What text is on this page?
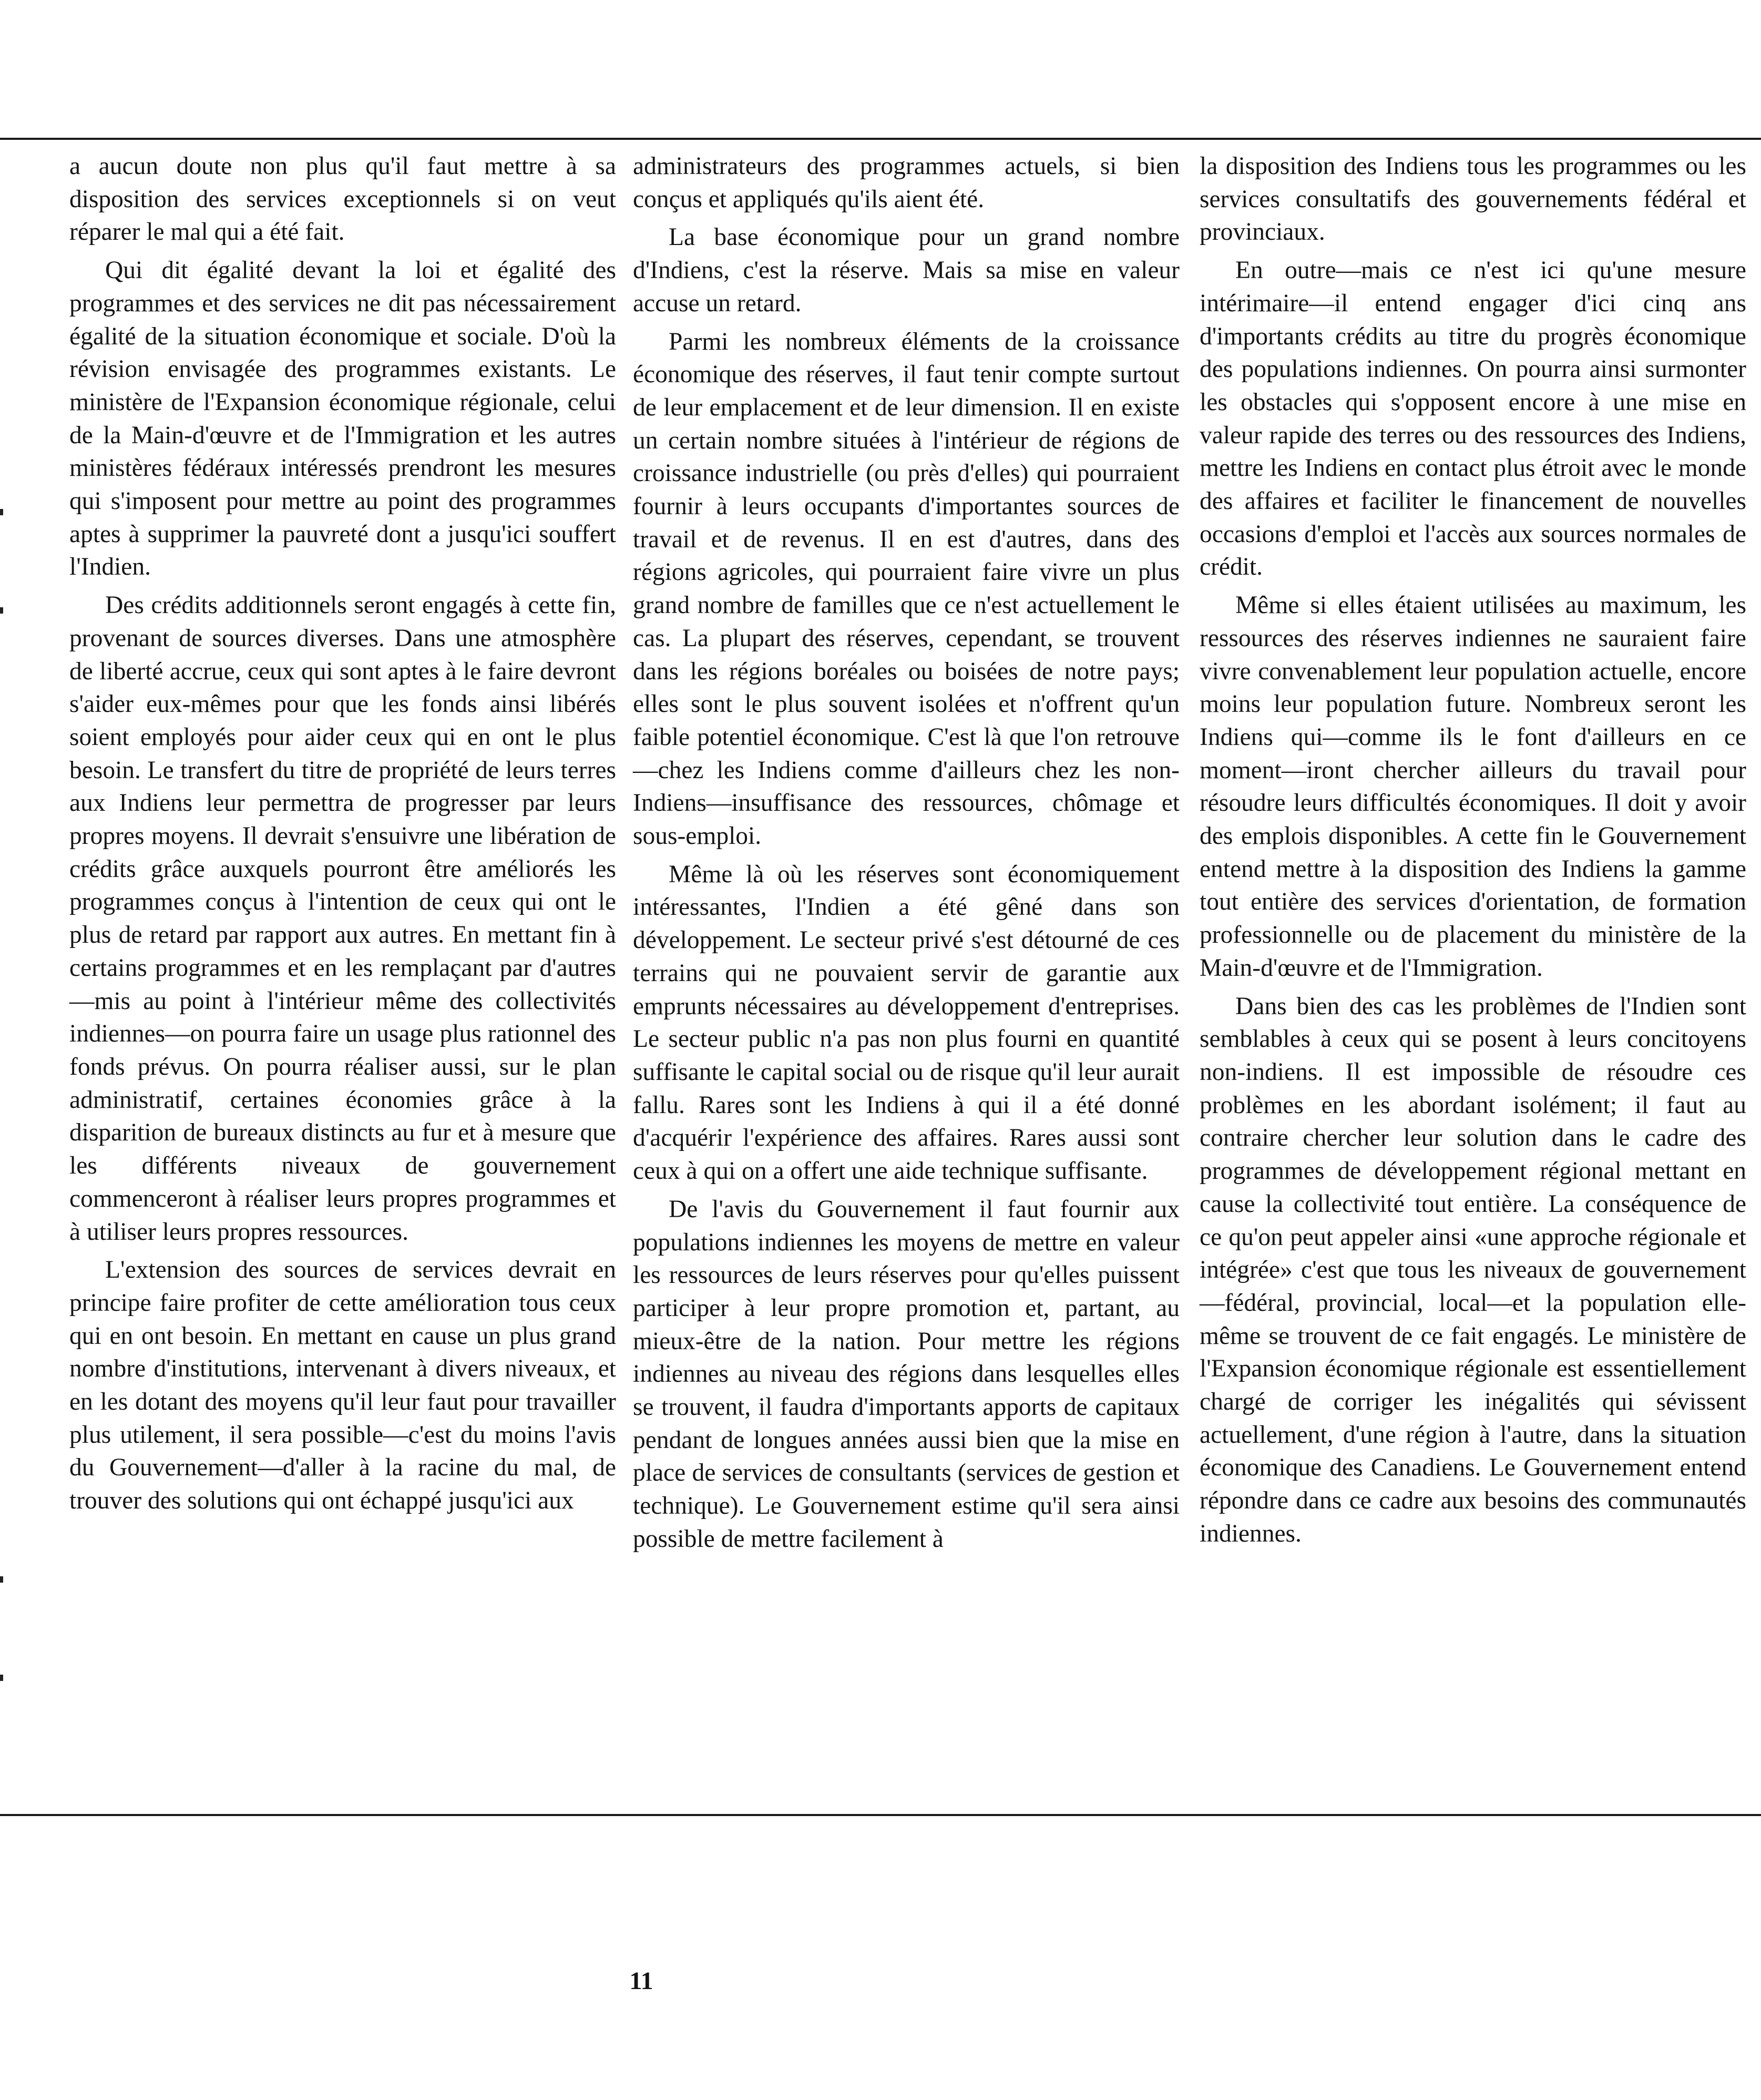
a aucun doute non plus qu'il faut mettre à sa disposition des services exceptionnels si on veut réparer le mal qui a été fait.

Qui dit égalité devant la loi et égalité des programmes et des services ne dit pas nécessairement égalité de la situation économique et sociale. D'où la révision envisagée des programmes existants. Le ministère de l'Expansion économique régionale, celui de la Main-d'œuvre et de l'Immigration et les autres ministères fédéraux intéressés prendront les mesures qui s'imposent pour mettre au point des programmes aptes à supprimer la pauvreté dont a jusqu'ici souffert l'Indien.

Des crédits additionnels seront engagés à cette fin, provenant de sources diverses. Dans une atmosphère de liberté accrue, ceux qui sont aptes à le faire devront s'aider eux-mêmes pour que les fonds ainsi libérés soient employés pour aider ceux qui en ont le plus besoin. Le transfert du titre de propriété de leurs terres aux Indiens leur permettra de progresser par leurs propres moyens. Il devrait s'ensuivre une libération de crédits grâce auxquels pourront être améliorés les programmes conçus à l'intention de ceux qui ont le plus de retard par rapport aux autres. En mettant fin à certains programmes et en les remplaçant par d'autres—mis au point à l'intérieur même des collectivités indiennes—on pourra faire un usage plus rationnel des fonds prévus. On pourra réaliser aussi, sur le plan administratif, certaines économies grâce à la disparition de bureaux distincts au fur et à mesure que les différents niveaux de gouvernement commenceront à réaliser leurs propres programmes et à utiliser leurs propres ressources.

L'extension des sources de services devrait en principe faire profiter de cette amélioration tous ceux qui en ont besoin. En mettant en cause un plus grand nombre d'institutions, intervenant à divers niveaux, et en les dotant des moyens qu'il leur faut pour travailler plus utilement, il sera possible—c'est du moins l'avis du Gouvernement—d'aller à la racine du mal, de trouver des solutions qui ont échappé jusqu'ici aux

administrateurs des programmes actuels, si bien conçus et appliqués qu'ils aient été.

La base économique pour un grand nombre d'Indiens, c'est la réserve. Mais sa mise en valeur accuse un retard.

Parmi les nombreux éléments de la croissance économique des réserves, il faut tenir compte surtout de leur emplacement et de leur dimension. Il en existe un certain nombre situées à l'intérieur de régions de croissance industrielle (ou près d'elles) qui pourraient fournir à leurs occupants d'importantes sources de travail et de revenus. Il en est d'autres, dans des régions agricoles, qui pourraient faire vivre un plus grand nombre de familles que ce n'est actuellement le cas. La plupart des réserves, cependant, se trouvent dans les régions boréales ou boisées de notre pays; elles sont le plus souvent isolées et n'offrent qu'un faible potentiel économique. C'est là que l'on retrouve—chez les Indiens comme d'ailleurs chez les non-Indiens—insuffisance des ressources, chômage et sous-emploi.

Même là où les réserves sont économiquement intéressantes, l'Indien a été gêné dans son développement. Le secteur privé s'est détourné de ces terrains qui ne pouvaient servir de garantie aux emprunts nécessaires au développement d'entreprises. Le secteur public n'a pas non plus fourni en quantité suffisante le capital social ou de risque qu'il leur aurait fallu. Rares sont les Indiens à qui il a été donné d'acquérir l'expérience des affaires. Rares aussi sont ceux à qui on a offert une aide technique suffisante.

De l'avis du Gouvernement il faut fournir aux populations indiennes les moyens de mettre en valeur les ressources de leurs réserves pour qu'elles puissent participer à leur propre promotion et, partant, au mieux-être de la nation. Pour mettre les régions indiennes au niveau des régions dans lesquelles elles se trouvent, il faudra d'importants apports de capitaux pendant de longues années aussi bien que la mise en place de services de consultants (services de gestion et technique). Le Gouvernement estime qu'il sera ainsi possible de mettre facilement à

la disposition des Indiens tous les programmes ou les services consultatifs des gouvernements fédéral et provinciaux.

En outre—mais ce n'est ici qu'une mesure intérimaire—il entend engager d'ici cinq ans d'importants crédits au titre du progrès économique des populations indiennes. On pourra ainsi surmonter les obstacles qui s'opposent encore à une mise en valeur rapide des terres ou des ressources des Indiens, mettre les Indiens en contact plus étroit avec le monde des affaires et faciliter le financement de nouvelles occasions d'emploi et l'accès aux sources normales de crédit.

Même si elles étaient utilisées au maximum, les ressources des réserves indiennes ne sauraient faire vivre convenablement leur population actuelle, encore moins leur population future. Nombreux seront les Indiens qui—comme ils le font d'ailleurs en ce moment—iront chercher ailleurs du travail pour résoudre leurs difficultés économiques. Il doit y avoir des emplois disponibles. A cette fin le Gouvernement entend mettre à la disposition des Indiens la gamme tout entière des services d'orientation, de formation professionnelle ou de placement du ministère de la Main-d'œuvre et de l'Immigration.

Dans bien des cas les problèmes de l'Indien sont semblables à ceux qui se posent à leurs concitoyens non-indiens. Il est impossible de résoudre ces problèmes en les abordant isolément; il faut au contraire chercher leur solution dans le cadre des programmes de développement régional mettant en cause la collectivité tout entière. La conséquence de ce qu'on peut appeler ainsi «une approche régionale et intégrée» c'est que tous les niveaux de gouvernement —fédéral, provincial, local—et la population elle-même se trouvent de ce fait engagés. Le ministère de l'Expansion économique régionale est essentiellement chargé de corriger les inégalités qui sévissent actuellement, d'une région à l'autre, dans la situation économique des Canadiens. Le Gouvernement entend répondre dans ce cadre aux besoins des communautés indiennes.

11
